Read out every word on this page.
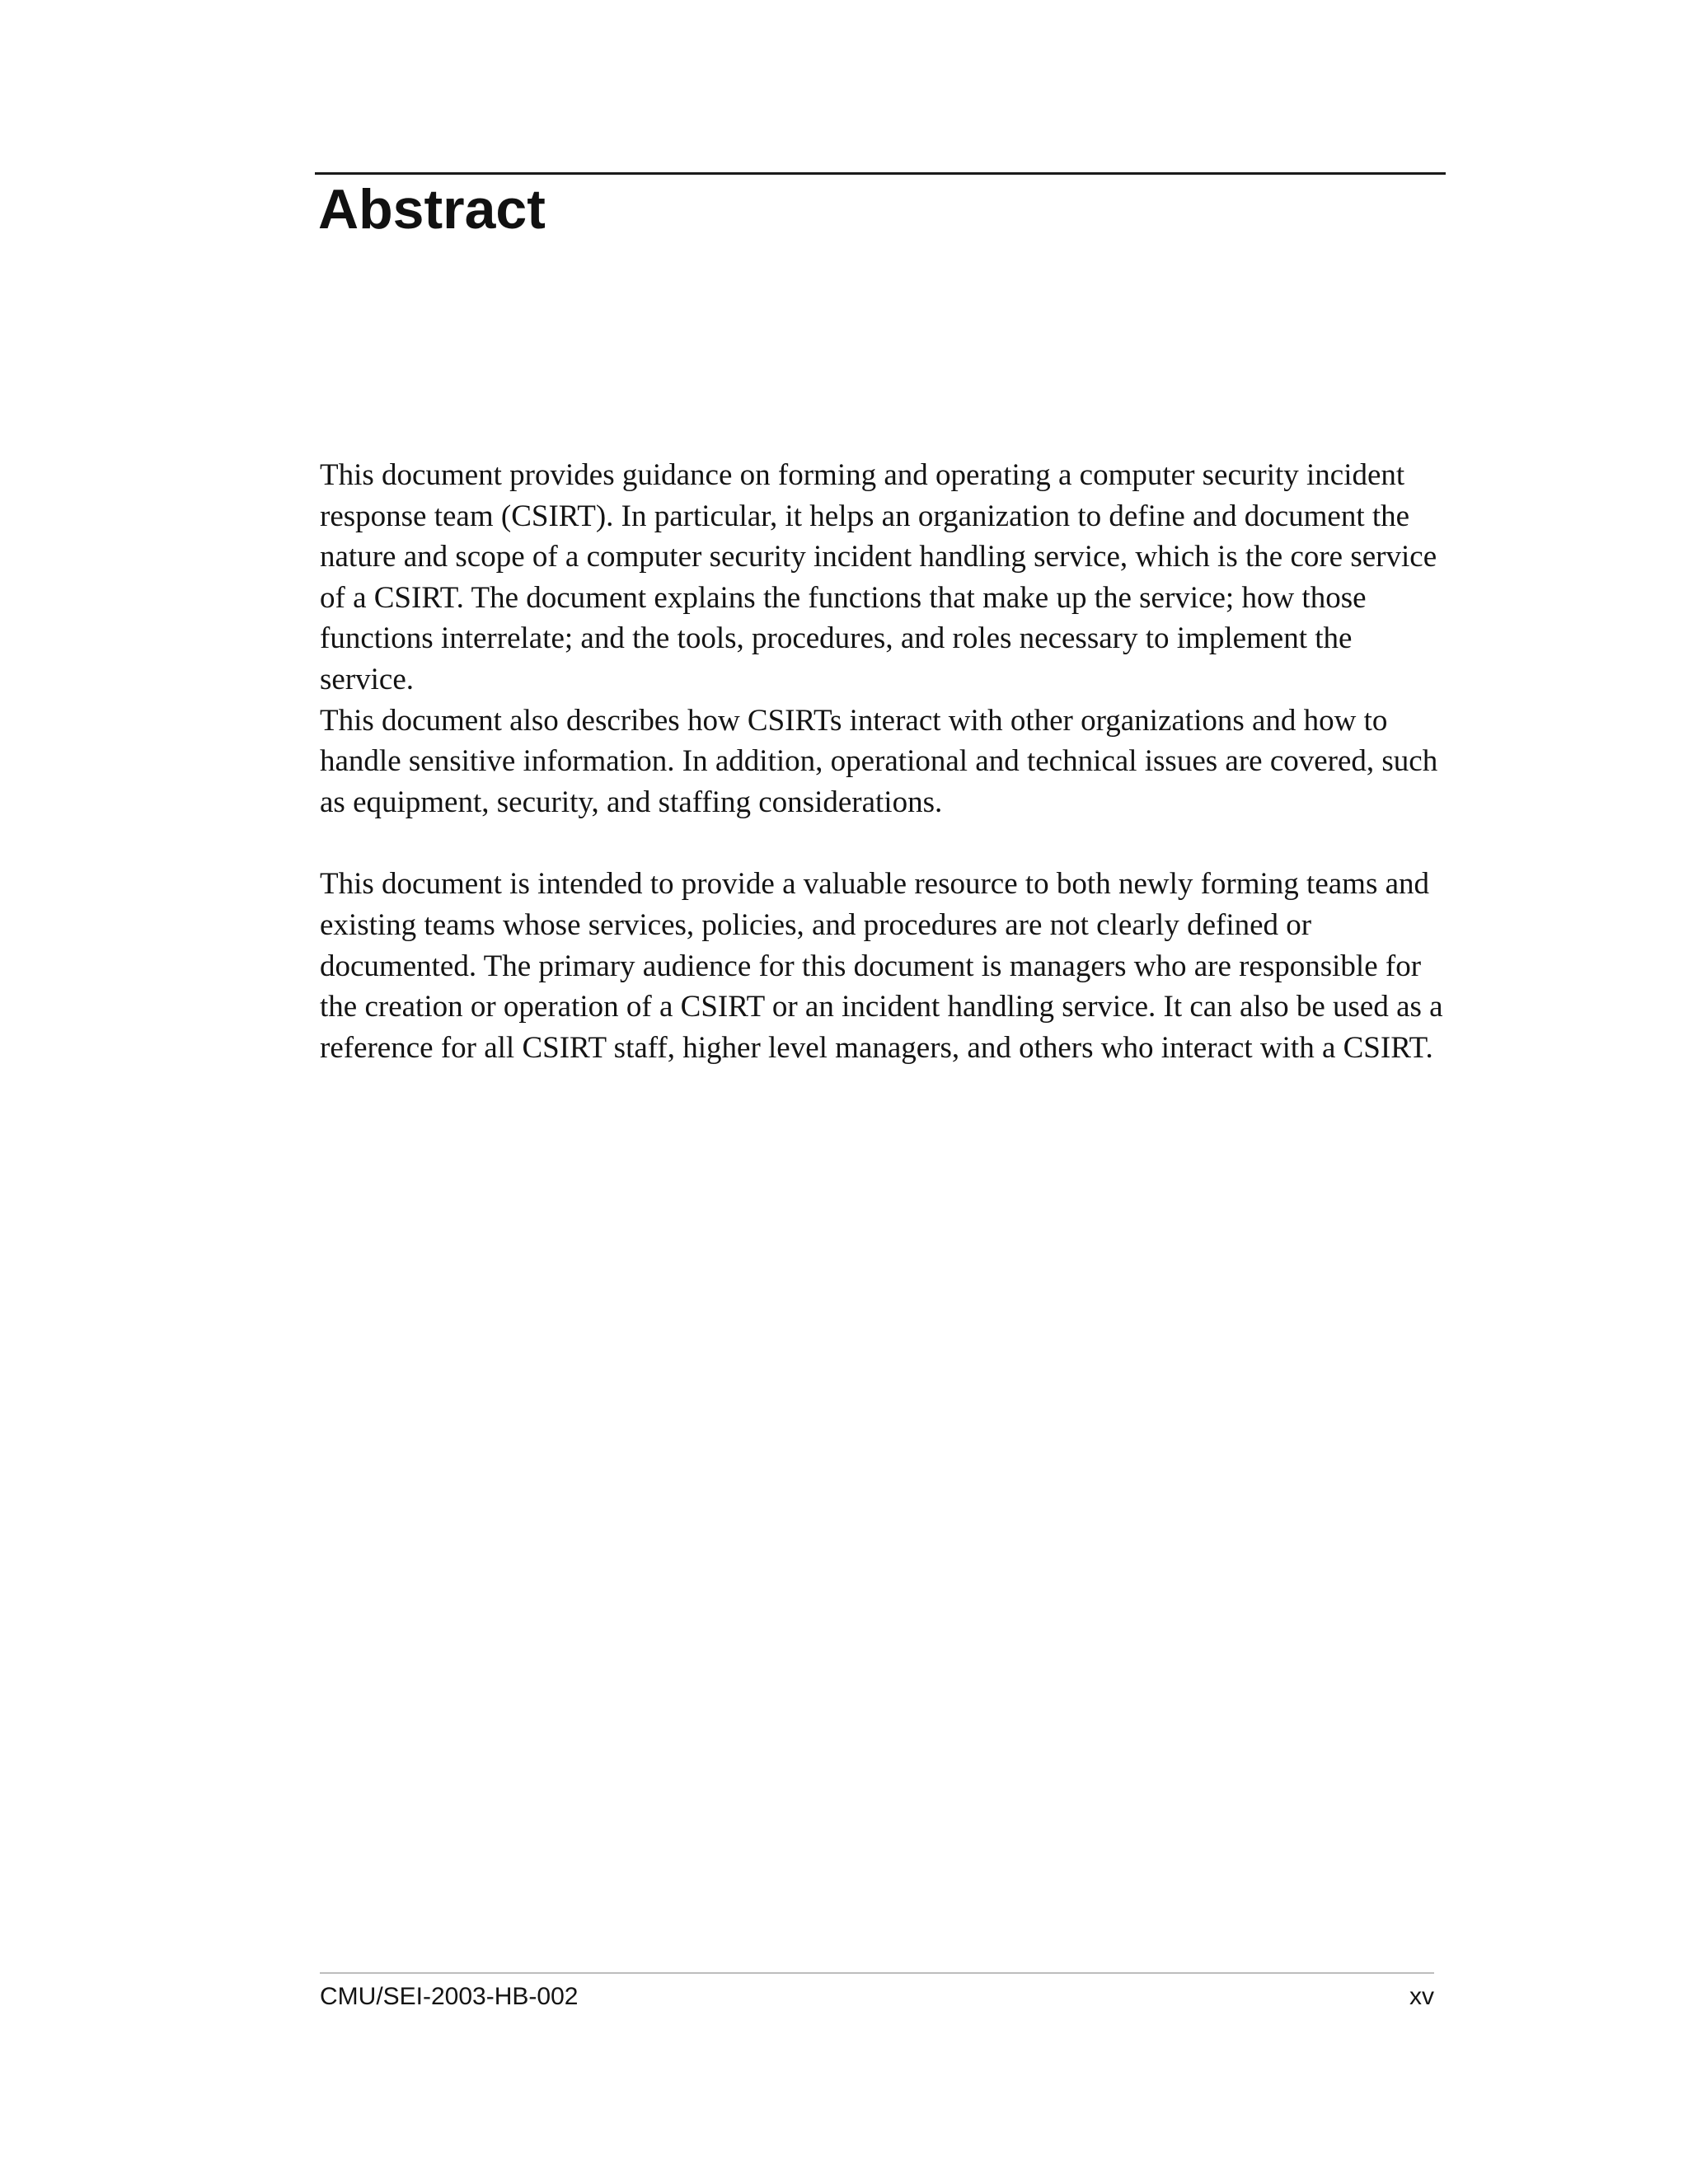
Abstract

This document provides guidance on forming and operating a computer security incident
response team (CSIRT). In particular, it helps an organization to define and document the
nature and scope of a computer security incident handling service, which is the core service
of a CSIRT. The document explains the functions that make up the service; how those
functions interrelate; and the tools, procedures, and roles necessary to implement the service.
This document also describes how CSIRTs interact with other organizations and how to
handle sensitive information. In addition, operational and technical issues are covered, such
as equipment, security, and staffing considerations.

This document is intended to provide a valuable resource to both newly forming teams and
existing teams whose services, policies, and procedures are not clearly defined or
documented. The primary audience for this document is managers who are responsible for
the creation or operation of a CSIRT or an incident handling service. It can also be used as a
reference for all CSIRT staff, higher level managers, and others who interact with a CSIRT.

CMU/SEI-2003-HB-002	xv
